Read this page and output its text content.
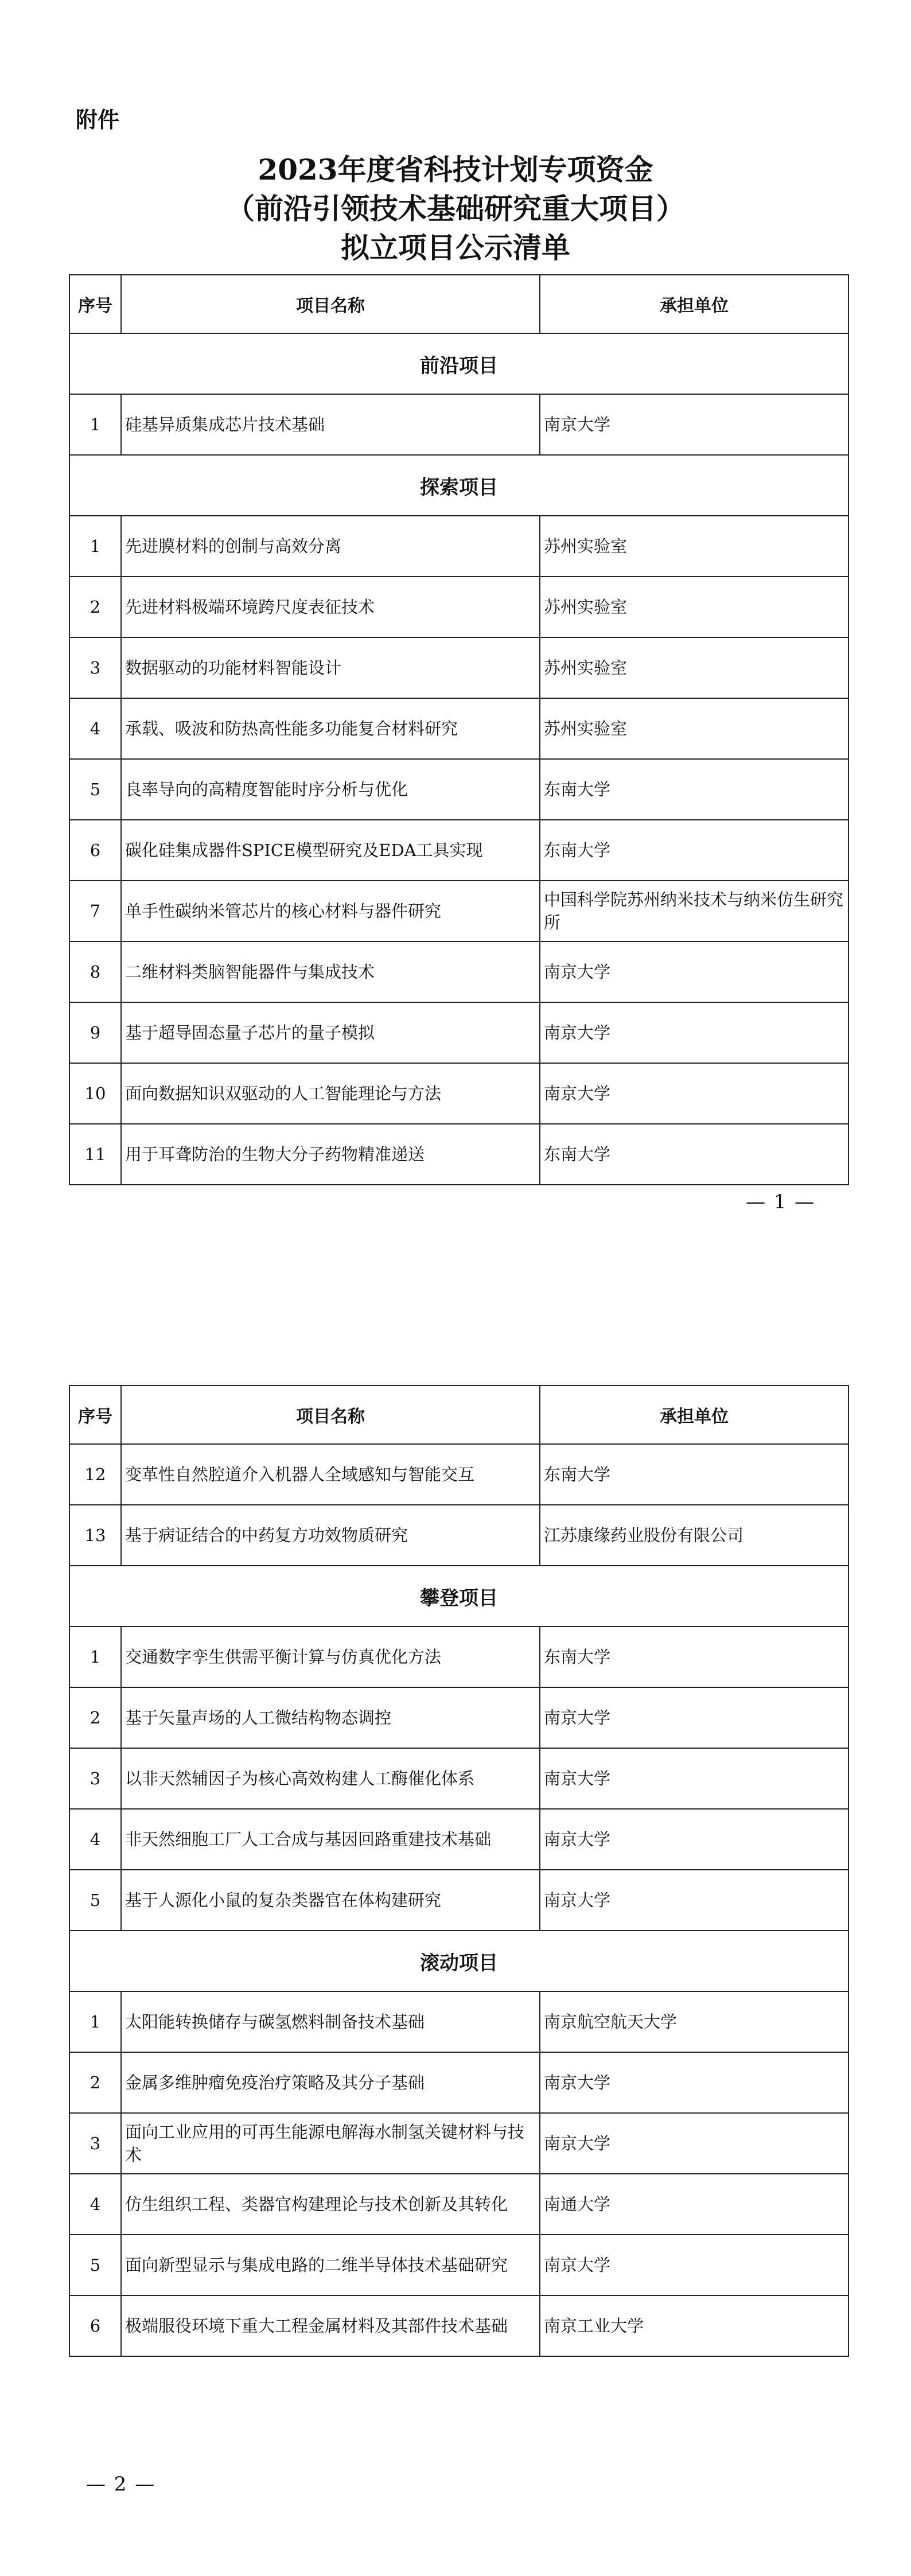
附件
2023年度省科技计划专项资金
（前沿引领技术基础研究重大项目）
拟立项目公示清单
序号	项目名称	承担单位
前沿项目		
1	硅基异质集成芯片技术基础	南京大学
探索项目		
1	先进膜材料的创制与高效分离	苏州实验室
2	先进材料极端环境跨尺度表征技术	苏州实验室
3	数据驱动的功能材料智能设计	苏州实验室
4	承载、吸波和防热高性能多功能复合材料研究	苏州实验室
5	良率导向的高精度智能时序分析与优化	东南大学
6	碳化硅集成器件SPICE模型研究及EDA工具实现	东南大学
7	单手性碳纳米管芯片的核心材料与器件研究	中国科学院苏州纳米技术与纳米仿生研究所
8	二维材料类脑智能器件与集成技术	南京大学
9	基于超导固态量子芯片的量子模拟	南京大学
10	面向数据知识双驱动的人工智能理论与方法	南京大学
11	用于耳聋防治的生物大分子药物精准递送	东南大学
— 1 —
序号	项目名称	承担单位
12	变革性自然腔道介入机器人全域感知与智能交互	东南大学
13	基于病证结合的中药复方功效物质研究	江苏康缘药业股份有限公司
攀登项目		
1	交通数字孪生供需平衡计算与仿真优化方法	东南大学
2	基于矢量声场的人工微结构物态调控	南京大学
3	以非天然辅因子为核心高效构建人工酶催化体系	南京大学
4	非天然细胞工厂人工合成与基因回路重建技术基础	南京大学
5	基于人源化小鼠的复杂类器官在体构建研究	南京大学
滚动项目		
1	太阳能转换储存与碳氢燃料制备技术基础	南京航空航天大学
2	金属多维肿瘤免疫治疗策略及其分子基础	南京大学
3	面向工业应用的可再生能源电解海水制氢关键材料与技术	南京大学
4	仿生组织工程、类器官构建理论与技术创新及其转化	南通大学
5	面向新型显示与集成电路的二维半导体技术基础研究	南京大学
6	极端服役环境下重大工程金属材料及其部件技术基础	南京工业大学
— 2 —
